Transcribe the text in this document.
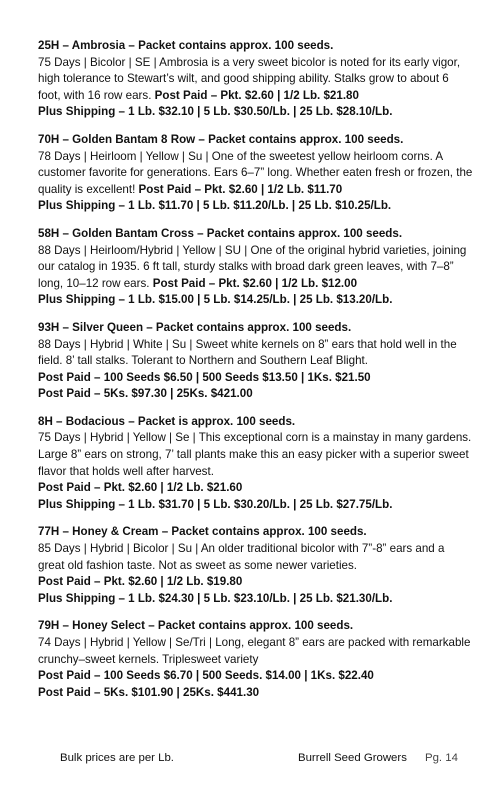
25H – Ambrosia – Packet contains approx. 100 seeds.

75 Days | Bicolor | SE | Ambrosia is a very sweet bicolor is noted for its early vigor, high tolerance to Stewart’s wilt, and good shipping ability. Stalks grow to about 6 foot, with 16 row ears. Post Paid – Pkt. $2.60 | 1/2 Lb. $21.80

Plus Shipping – 1 Lb. $32.10 | 5 Lb. $30.50/Lb. | 25 Lb. $28.10/Lb.

70H – Golden Bantam 8 Row – Packet contains approx. 100 seeds.

78 Days | Heirloom | Yellow | Su | One of the sweetest yellow heirloom corns. A customer favorite for generations. Ears 6–7” long. Whether eaten fresh or frozen, the quality is excellent! Post Paid – Pkt. $2.60 | 1/2 Lb. $11.70

Plus Shipping – 1 Lb. $11.70 | 5 Lb. $11.20/Lb. | 25 Lb. $10.25/Lb.

58H – Golden Bantam Cross – Packet contains approx. 100 seeds.

88 Days | Heirloom/Hybrid | Yellow | SU | One of the original hybrid varieties, joining our catalog in 1935. 6 ft tall, sturdy stalks with broad dark green leaves, with 7–8” long, 10–12 row ears. Post Paid – Pkt. $2.60 | 1/2 Lb. $12.00

Plus Shipping – 1 Lb. $15.00 | 5 Lb. $14.25/Lb. | 25 Lb. $13.20/Lb.

93H – Silver Queen – Packet contains approx. 100 seeds.

88 Days | Hybrid | White | Su | Sweet white kernels on 8” ears that hold well in the field. 8’ tall stalks. Tolerant to Northern and Southern Leaf Blight.

Post Paid – 100 Seeds $6.50 | 500 Seeds $13.50 | 1Ks. $21.50

Post Paid – 5Ks. $97.30 | 25Ks. $421.00

8H – Bodacious – Packet is approx. 100 seeds.

75 Days | Hybrid | Yellow | Se | This exceptional corn is a mainstay in many gardens. Large 8” ears on strong, 7’ tall plants make this an easy picker with a superior sweet flavor that holds well after harvest.

Post Paid – Pkt. $2.60 | 1/2 Lb. $21.60

Plus Shipping – 1 Lb. $31.70 | 5 Lb. $30.20/Lb. | 25 Lb. $27.75/Lb.

77H – Honey & Cream – Packet contains approx. 100 seeds.

85 Days | Hybrid | Bicolor | Su | An older traditional bicolor with 7”-8” ears and a great old fashion taste. Not as sweet as some newer varieties.

Post Paid – Pkt. $2.60 | 1/2 Lb. $19.80

Plus Shipping – 1 Lb. $24.30 | 5 Lb. $23.10/Lb. | 25 Lb. $21.30/Lb.

79H – Honey Select – Packet contains approx. 100 seeds.

74 Days | Hybrid | Yellow | Se/Tri | Long, elegant 8” ears are packed with remarkable crunchy–sweet kernels. Triplesweet variety

Post Paid – 100 Seeds $6.70 | 500 Seeds. $14.00 | 1Ks. $22.40

Post Paid – 5Ks. $101.90 | 25Ks. $441.30

Bulk prices are per Lb.	Burrell Seed Growers Pg. 14
